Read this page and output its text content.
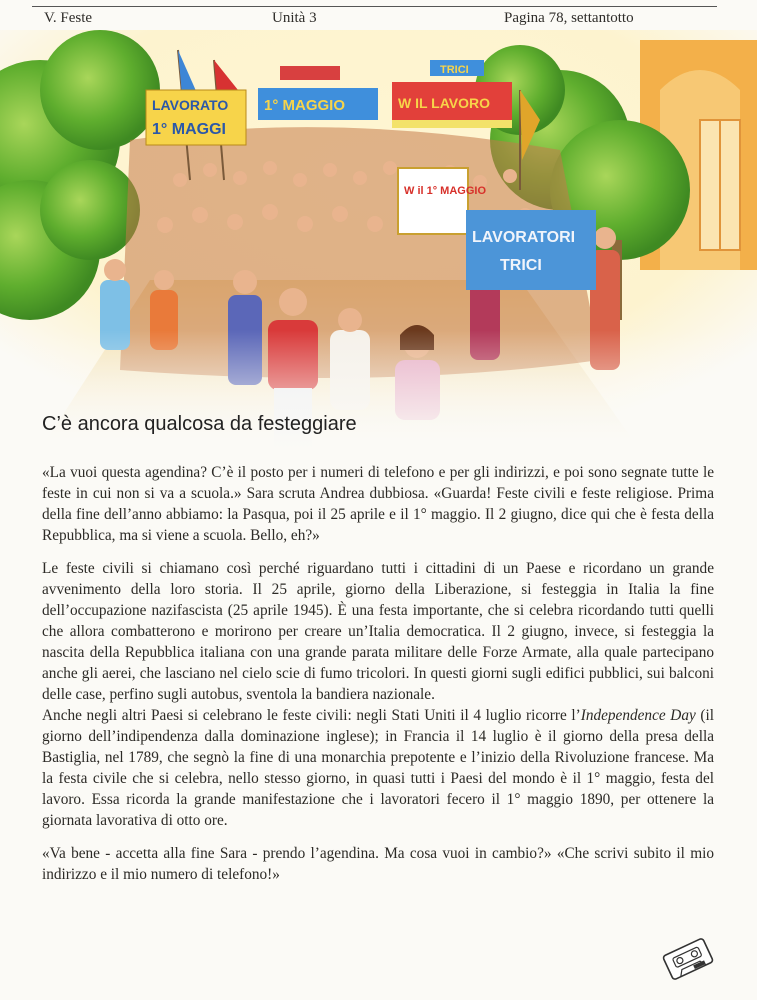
V. Feste	Unità 3	Pagina 78, settantotto
LAVORATO
1° MAGGI
1° MAGGIO	W IL LAVORO
W il 1° MAGGIO
LAVORATORI
TRICI
TRICI
C’è ancora qualcosa da festeggiare

«La vuoi questa agendina? C’è il posto per i numeri di telefono e per gli indirizzi, e poi sono segnate tutte le feste in cui non si va a scuola.» Sara scruta Andrea dubbiosa. «Guarda! Feste civili e feste religiose. Prima della fine dell’anno abbiamo: la Pasqua, poi il 25 aprile e il 1° maggio. Il 2 giugno, dice qui che è festa della Repubblica, ma si viene a scuola. Bello, eh?»

Le feste civili si chiamano così perché riguardano tutti i cittadini di un Paese e ricordano un grande avvenimento della loro storia. Il 25 aprile, giorno della Liberazione, si festeggia in Italia la fine dell’occupazione nazifascista (25 aprile 1945). È una festa importante, che si celebra ricordando tutti quelli che allora combatterono e morirono per creare un’Italia democratica. Il 2 giugno, invece, si festeggia la nascita della Repubblica italiana con una grande parata militare delle Forze Armate, alla quale partecipano anche gli aerei, che lasciano nel cielo scie di fumo tricolori. In questi giorni sugli edifici pubblici, sui balconi delle case, perfino sugli autobus, sventola la bandiera nazionale.

Anche negli altri Paesi si celebrano le feste civili: negli Stati Uniti il 4 luglio ricorre l’Independence Day (il giorno dell’indipendenza dalla dominazione inglese); in Francia il 14 luglio è il giorno della presa della Bastiglia, nel 1789, che segnò la fine di una monarchia prepotente e l’inizio della Rivoluzione francese. Ma la festa civile che si celebra, nello stesso giorno, in quasi tutti i Paesi del mondo è il 1° maggio, festa del lavoro. Essa ricorda la grande manifestazione che i lavoratori fecero il 1° maggio 1890, per ottenere la giornata lavorativa di otto ore.

«Va bene - accetta alla fine Sara - prendo l’agendina. Ma cosa vuoi in cambio?» «Che scrivi subito il mio indirizzo e il mio numero di telefono!»
